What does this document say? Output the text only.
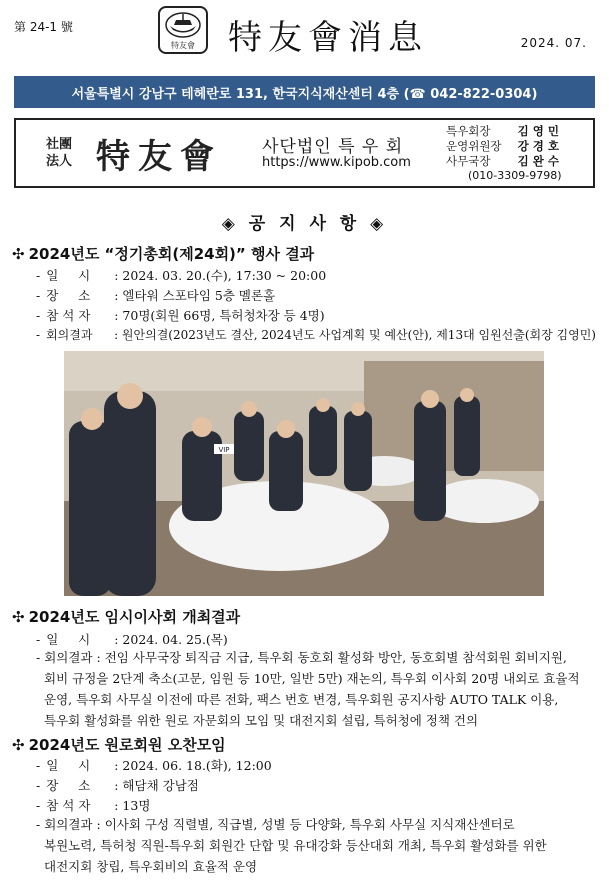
第 24-1 號
特友會 特友會消息	2024. 07.
서울특별시 강남구 테헤란로 131, 한국지식재산센터 4층 (☎ 042-822-0304)
社團
法人 特友會 사단법인 특 우 회
https://www.kipob.com
특우회장 김 영 민
운영위원장 강 경 호
사무국장 김 완 수
(010-3309-9798)
◈ 공 지 사 항 ◈
✣ 2024년도 “정기총회(제24회)” 행사 결과
- 일     시 : 2024. 03. 20.(수), 17:30 ~ 20:00
- 장     소 : 엘타워 스포타임 5층 멜론홀
- 참 석 자 : 70명(회원 66명, 특허청차장 등 4명)
- 회의결과 : 원안의결(2023년도 결산, 2024년도 사업계획 및 예산(안), 제13대 임원선출(회장 김영민)
VIP
✣ 2024년도 임시이사회 개최결과
- 일     시 : 2024. 04. 25.(목)
- 회의결과 : 전임 사무국장 퇴직금 지급, 특우회 동호회 활성화 방안, 동호회별 참석회원 회비지원,
회비 규정을 2단계 축소(고문, 임원 등 10만, 일반 5만) 재논의, 특우회 이사회 20명 내외로 효율적
운영, 특우회 사무실 이전에 따른 전화, 팩스 번호 변경, 특우회원 공지사항 AUTO TALK 이용,
특우회 활성화를 위한 원로 자문회의 모임 및 대전지회 설립, 특허청에 정책 건의
✣ 2024년도 원로회원 오찬모임
- 일     시 : 2024. 06. 18.(화), 12:00
- 장     소 : 해담채 강남점
- 참 석 자 : 13명
- 회의결과 : 이사회 구성 직렬별, 직급별, 성별 등 다양화, 특우회 사무실 지식재산센터로
복원노력, 특허청 직원-특우회 회원간 단합 및 유대강화 등산대회 개최, 특우회 활성화를 위한
대전지회 창립, 특우회비의 효율적 운영
